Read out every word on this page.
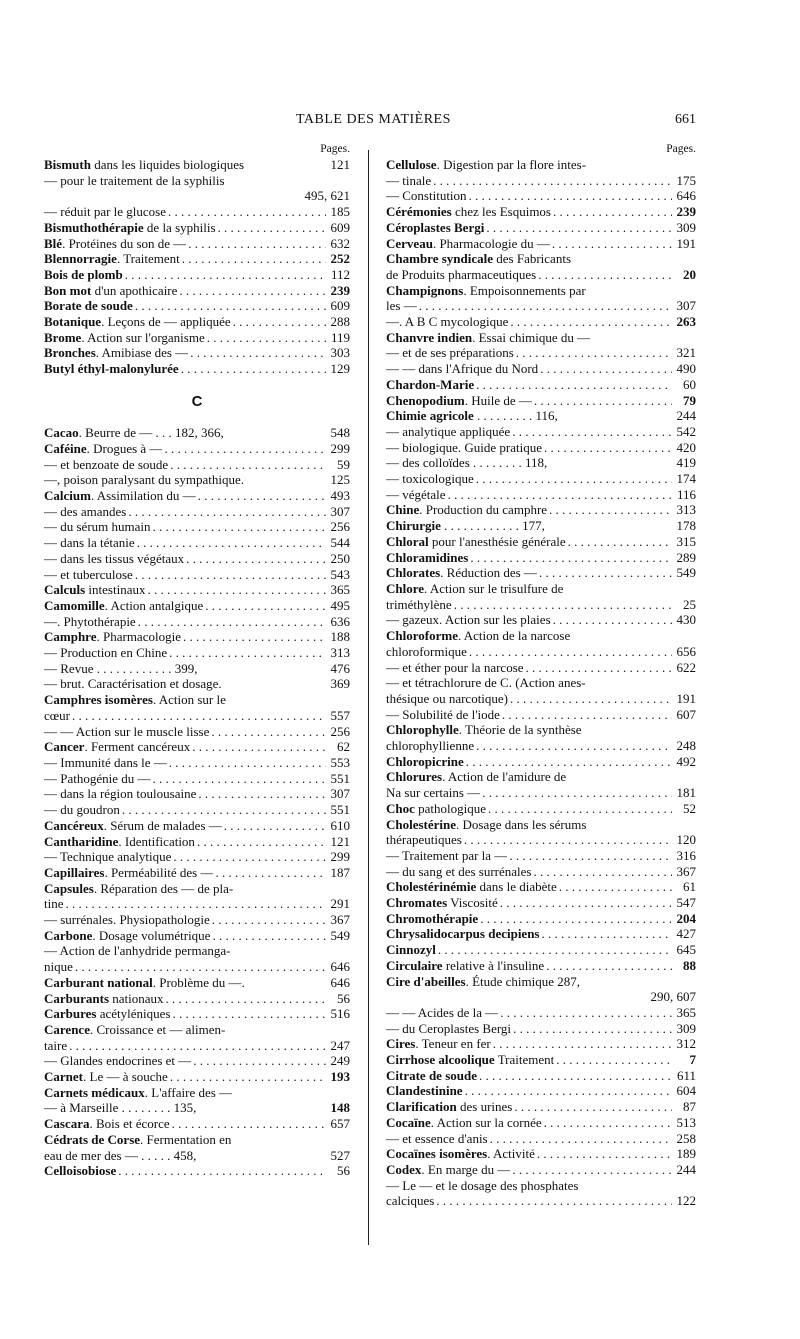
TABLE DES MATIÈRES	661
Pages.
Bismuth dans les liquides biologiques	121
— pour le traitement de la syphilis
495, 621
— réduit par le glucose . . .	185
Bismuthothérapie de la syphilis . . .	609
Blé. Protéines du son de — . . .	632
Blennorragie. Traitement . . .	252
Bois de plomb . . .	112
Bon mot d'un apothicaire . . .	239
Borate de soude . . .	609
Botanique. Leçons de — appliquée . . .	288
Brome. Action sur l'organisme . . .	119
Bronches. Amibiase des — . . .	303
Butyl éthyl-malonylurée . . .	129
C
Cacao. Beurre de — . . . 182, 366,	548
Caféine. Drogues à — . . .	299
— et benzoate de soude . . .	59
—, poison paralysant du sympathique.	125
Calcium. Assimilation du — . . .	493
— des amandes . . .	307
— du sérum humain . . .	256
— dans la tétanie . . .	544
— dans les tissus végétaux . . .	250
— et tuberculose . . .	543
Calculs intestinaux . . .	365
Camomille. Action antalgique . . .	495
—. Phytothérapie . . .	636
Camphre. Pharmacologie . . .	188
— Production en Chine . . .	313
— Revue . . . . . . . . . . . . 399,	476
— brut. Caractérisation et dosage.	369
Camphres isomères. Action sur le
cœur . . .	557
— — Action sur le muscle lisse . . .	256
Cancer. Ferment cancéreux . . .	62
— Immunité dans le — . . .	553
— Pathogénie du — . . .	551
— dans la région toulousaine . . .	307
— du goudron . . .	551
Cancéreux. Sérum de malades — . . .	610
Cantharidine. Identification . . .	121
— Technique analytique . . .	299
Capillaires. Perméabilité des — . . .	187
Capsules. Réparation des — de pla-
tine . . .	291
— surrénales. Physiopathologie . . .	367
Carbone. Dosage volumétrique . . .	549
— Action de l'anhydride permanga-
nique . . .	646
Carburant national. Problème du —.	646
Carburants nationaux . . .	56
Carbures acétyléniques . . .	516
Carence. Croissance et — alimen-
taire . . .	247
— Glandes endocrines et — . . .	249
Carnet. Le — à souche . . .	193
Carnets médicaux. L'affaire des —
— à Marseille . . . . . . . . 135,	148
Cascara. Bois et écorce . . .	657
Cédrats de Corse. Fermentation en
eau de mer des — . . . . . 458,	527
Celloisobiose . . .	56
Pages.
Cellulose. Digestion par la flore intes-
— tinale . . .	175
— Constitution . . .	646
Cérémonies chez les Esquimos . . .	239
Céroplastes Bergi . . .	309
Cerveau. Pharmacologie du — . . .	191
Chambre syndicale des Fabricants
de Produits pharmaceutiques . . .	20
Champignons. Empoisonnements par
les — . . .	307
—. A B C mycologique . . .	263
Chanvre indien. Essai chimique du —
— et de ses préparations . . .	321
— — dans l'Afrique du Nord . . .	490
Chardon-Marie . . .	60
Chenopodium. Huile de — . . .	79
Chimie agricole . . . . . . . . . 116,	244
— analytique appliquée . . .	542
— biologique. Guide pratique . . .	420
— des colloïdes . . . . . . . . 118,	419
— toxicologique . . .	174
— végétale . . .	116
Chine. Production du camphre . . .	313
Chirurgie . . . . . . . . . . . . 177,	178
Chloral pour l'anesthésie générale . . .	315
Chloramidines . . .	289
Chlorates. Réduction des — . . .	549
Chlore. Action sur le trisulfure de
triméthylène . . .	25
— gazeux. Action sur les plaies . . .	430
Chloroforme. Action de la narcose
chloroformique . . .	656
— et éther pour la narcose . . .	622
— et tétrachlorure de C. (Action anes-
thésique ou narcotique) . . .	191
— Solubilité de l'iode . . .	607
Chlorophylle. Théorie de la synthèse
chlorophyllienne . . .	248
Chloropicrine . . .	492
Chlorures. Action de l'amidure de
Na sur certains — . . .	181
Choc pathologique . . .	52
Cholestérine. Dosage dans les sérums
thérapeutiques . . .	120
— Traitement par la — . . .	316
— du sang et des surrénales . . .	367
Cholestérinémie dans le diabète . . .	61
Chromates Viscosité . . .	547
Chromothérapie . . .	204
Chrysalidocarpus decipiens . . .	427
Cinnozyl . . .	645
Circulaire relative à l'insuline . . .	88
Cire d'abeilles. Étude chimique 287,
290, 607
— — Acides de la — . . .	365
— du Ceroplastes Bergi . . .	309
Cires. Teneur en fer . . .	312
Cirrhose alcoolique Traitement . . .	7
Citrate de soude . . .	611
Clandestinine . . .	604
Clarification des urines . . .	87
Cocaïne. Action sur la cornée . . .	513
— et essence d'anis . . .	258
Cocaïnes isomères. Activité . . .	189
Codex. En marge du — . . .	244
— Le — et le dosage des phosphates
calciques . . .	122
